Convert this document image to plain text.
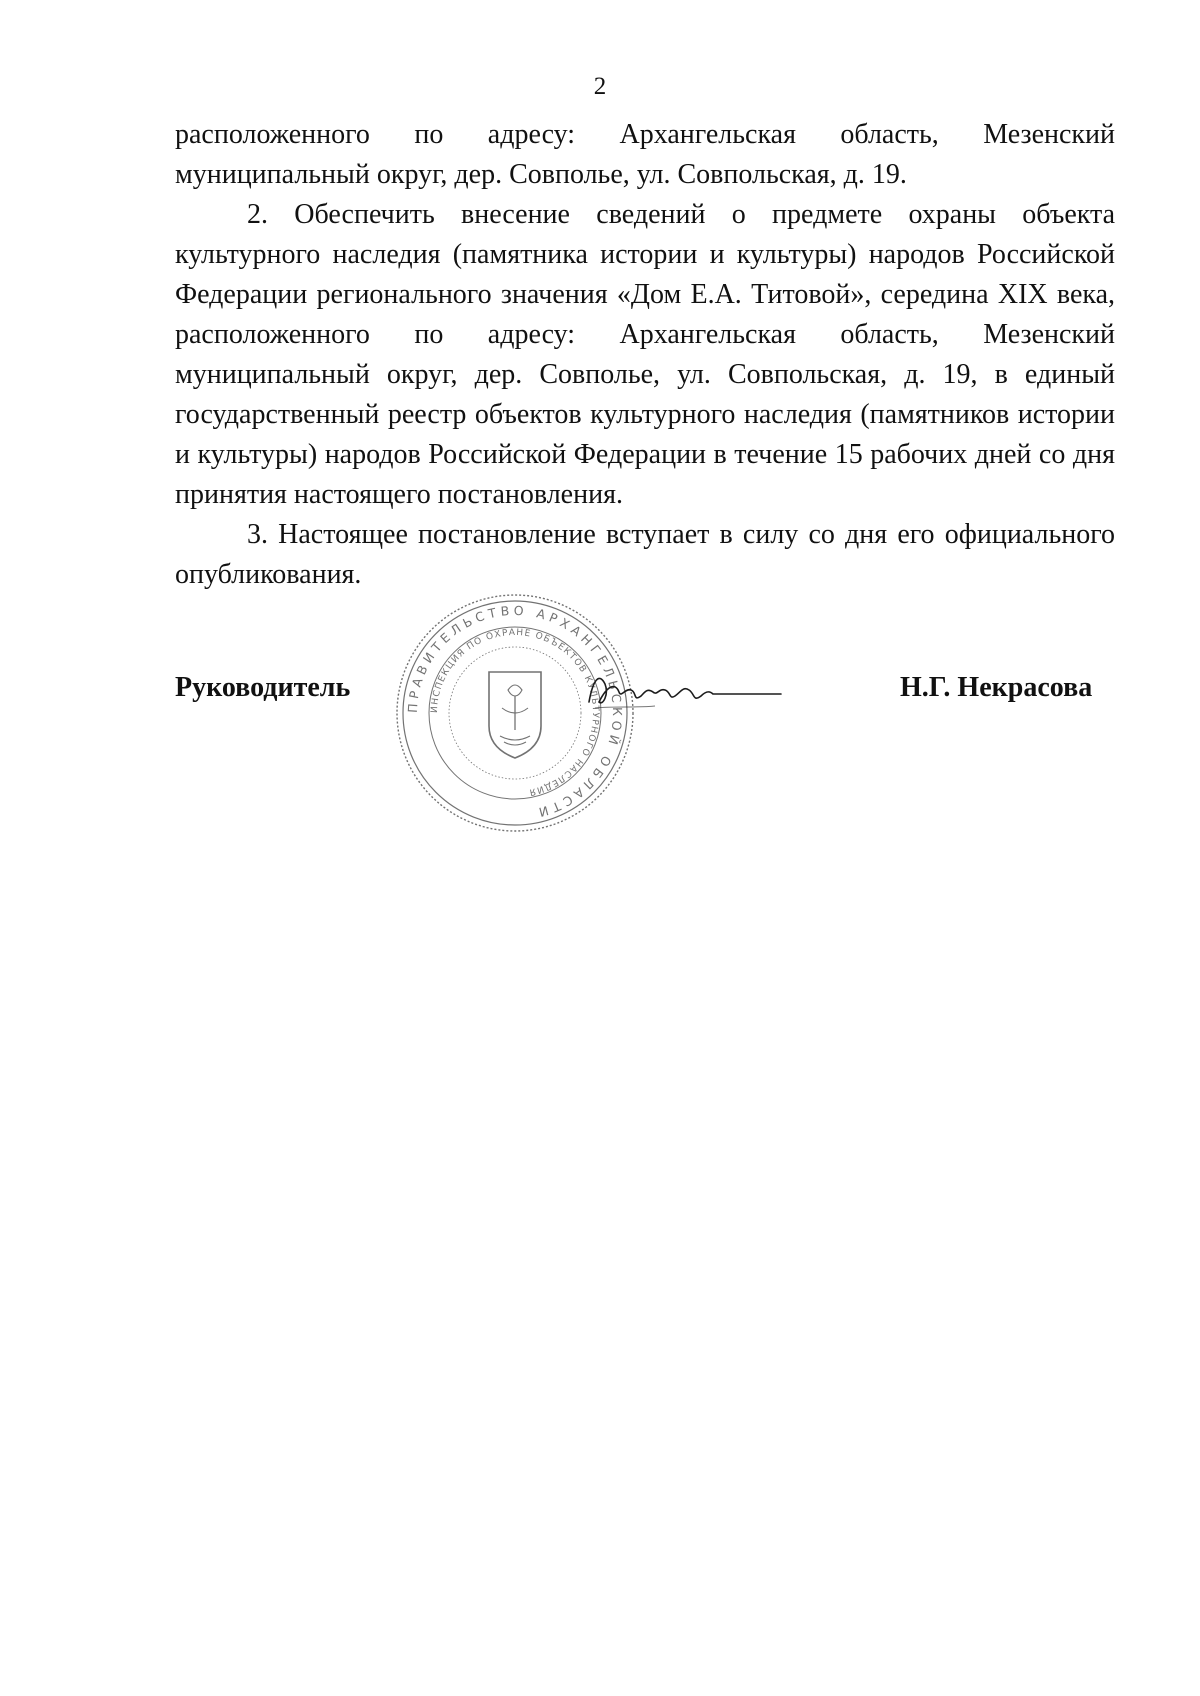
2

расположенного по адресу: Архангельская область, Мезенский муниципальный округ, дер. Совполье, ул. Совпольская, д. 19.

2. Обеспечить внесение сведений о предмете охраны объекта культурного наследия (памятника истории и культуры) народов Российской Федерации регионального значения «Дом Е.А. Титовой», середина XIX века, расположенного по адресу: Архангельская область, Мезенский муниципальный округ, дер. Совполье, ул. Совпольская, д. 19, в единый государственный реестр объектов культурного наследия (памятников истории и культуры) народов Российской Федерации в течение 15 рабочих дней со дня принятия настоящего постановления.

3. Настоящее постановление вступает в силу со дня его официального опубликования.

Руководитель
ПРАВИТЕЛЬСТВО АРХАНГЕЛЬСКОЙ ОБЛАСТИ
ИНСПЕКЦИЯ ПО ОХРАНЕ ОБЪЕКТОВ КУЛЬТУРНОГО НАСЛЕДИЯ
Н.Г. Некрасова
